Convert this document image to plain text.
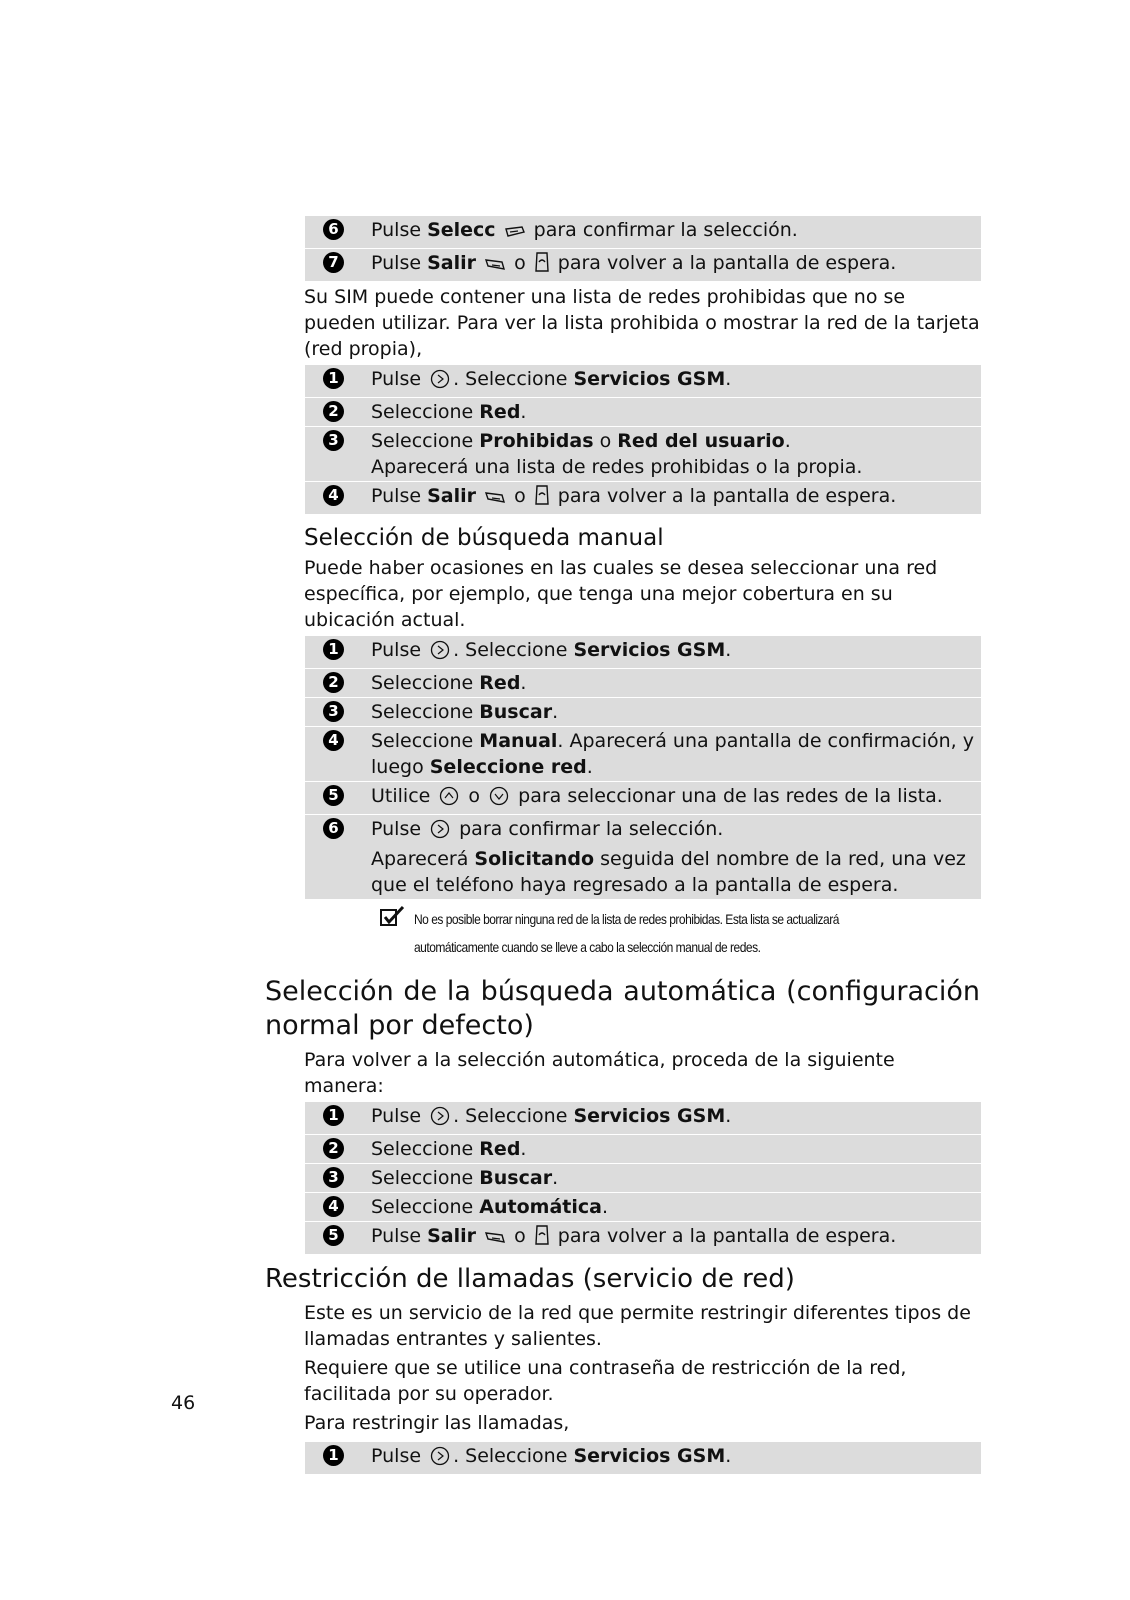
6	Pulse Selecc  para confirmar la selección.
7	Pulse Salir  o  para volver a la pantalla de espera.
Su SIM puede contener una lista de redes prohibidas que no se pueden utilizar. Para ver la lista prohibida o mostrar la red de la tarjeta (red propia),
1	Pulse . Seleccione Servicios GSM.
2	Seleccione Red.
3	Seleccione Prohibidas o Red del usuario.
Aparecerá una lista de redes prohibidas o la propia.
4	Pulse Salir  o  para volver a la pantalla de espera.
Selección de búsqueda manual
Puede haber ocasiones en las cuales se desea seleccionar una red específica, por ejemplo, que tenga una mejor cobertura en su ubicación actual.
1	Pulse . Seleccione Servicios GSM.
2	Seleccione Red.
3	Seleccione Buscar.
4	Seleccione Manual. Aparecerá una pantalla de confirmación, y luego Seleccione red.
5	Utilice  o  para seleccionar una de las redes de la lista.
6	Pulse  para confirmar la selección.
Aparecerá Solicitando seguida del nombre de la red, una vez que el teléfono haya regresado a la pantalla de espera.
No es posible borrar ninguna red de la lista de redes prohibidas. Esta lista se actualizará automáticamente cuando se lleve a cabo la selección manual de redes.
Selección de la búsqueda automática (configuración normal por defecto)
Para volver a la selección automática, proceda de la siguiente manera:
1	Pulse . Seleccione Servicios GSM.
2	Seleccione Red.
3	Seleccione Buscar.
4	Seleccione Automática.
5	Pulse Salir  o  para volver a la pantalla de espera.
Restricción de llamadas (servicio de red)
Este es un servicio de la red que permite restringir diferentes tipos de llamadas entrantes y salientes.
Requiere que se utilice una contraseña de restricción de la red, facilitada por su operador.
Para restringir las llamadas,
1	Pulse . Seleccione Servicios GSM.
46
